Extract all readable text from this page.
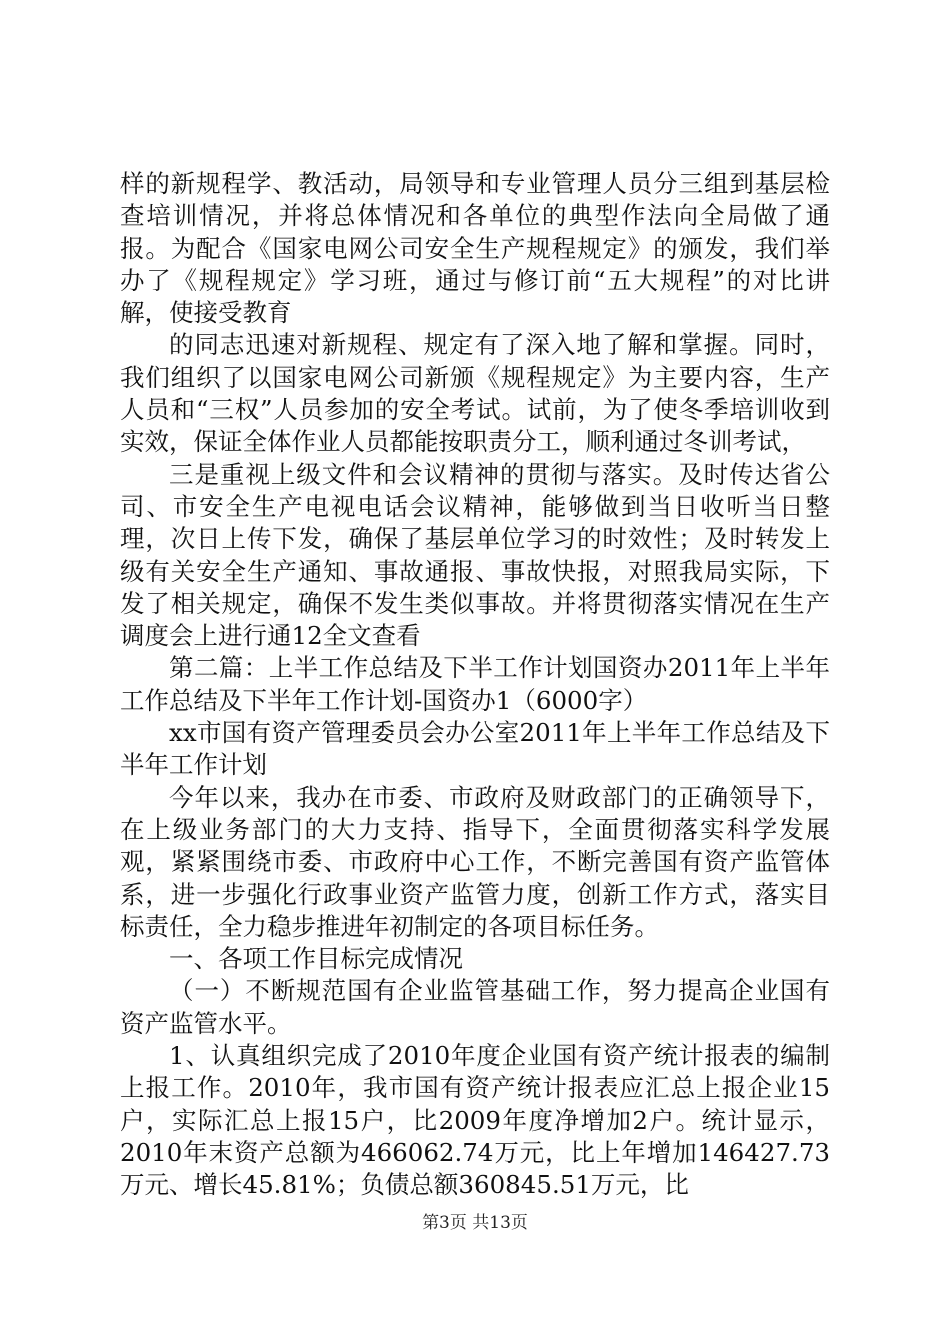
样的新规程学、教活动，局领导和专业管理人员分三组到基层检查培训情况，并将总体情况和各单位的典型作法向全局做了通报。为配合《国家电网公司安全生产规程规定》的颁发，我们举办了《规程规定》学习班，通过与修订前“五大规程”的对比讲解，使接受教育

的同志迅速对新规程、规定有了深入地了解和掌握。同时，我们组织了以国家电网公司新颁《规程规定》为主要内容，生产人员和“三权”人员参加的安全考试。试前，为了使冬季培训收到实效，保证全体作业人员都能按职责分工，顺利通过冬训考试，

三是重视上级文件和会议精神的贯彻与落实。及时传达省公司、市安全生产电视电话会议精神，能够做到当日收听当日整理，次日上传下发，确保了基层单位学习的时效性；及时转发上级有关安全生产通知、事故通报、事故快报，对照我局实际，下发了相关规定，确保不发生类似事故。并将贯彻落实情况在生产调度会上进行通12全文查看

第二篇：上半工作总结及下半工作计划国资办2011年上半年工作总结及下半年工作计划-国资办1（6000字）

xx市国有资产管理委员会办公室2011年上半年工作总结及下半年工作计划

今年以来，我办在市委、市政府及财政部门的正确领导下，在上级业务部门的大力支持、指导下，全面贯彻落实科学发展观，紧紧围绕市委、市政府中心工作，不断完善国有资产监管体系，进一步强化行政事业资产监管力度，创新工作方式，落实目标责任，全力稳步推进年初制定的各项目标任务。

一、各项工作目标完成情况

（一）不断规范国有企业监管基础工作，努力提高企业国有资产监管水平。

1、认真组织完成了2010年度企业国有资产统计报表的编制上报工作。2010年，我市国有资产统计报表应汇总上报企业15户，实际汇总上报15户，比2009年度净增加2户。统计显示，2010年末资产总额为466062.74万元，比上年增加146427.73万元、增长45.81%；负债总额360845.51万元，比

第3页 共13页
